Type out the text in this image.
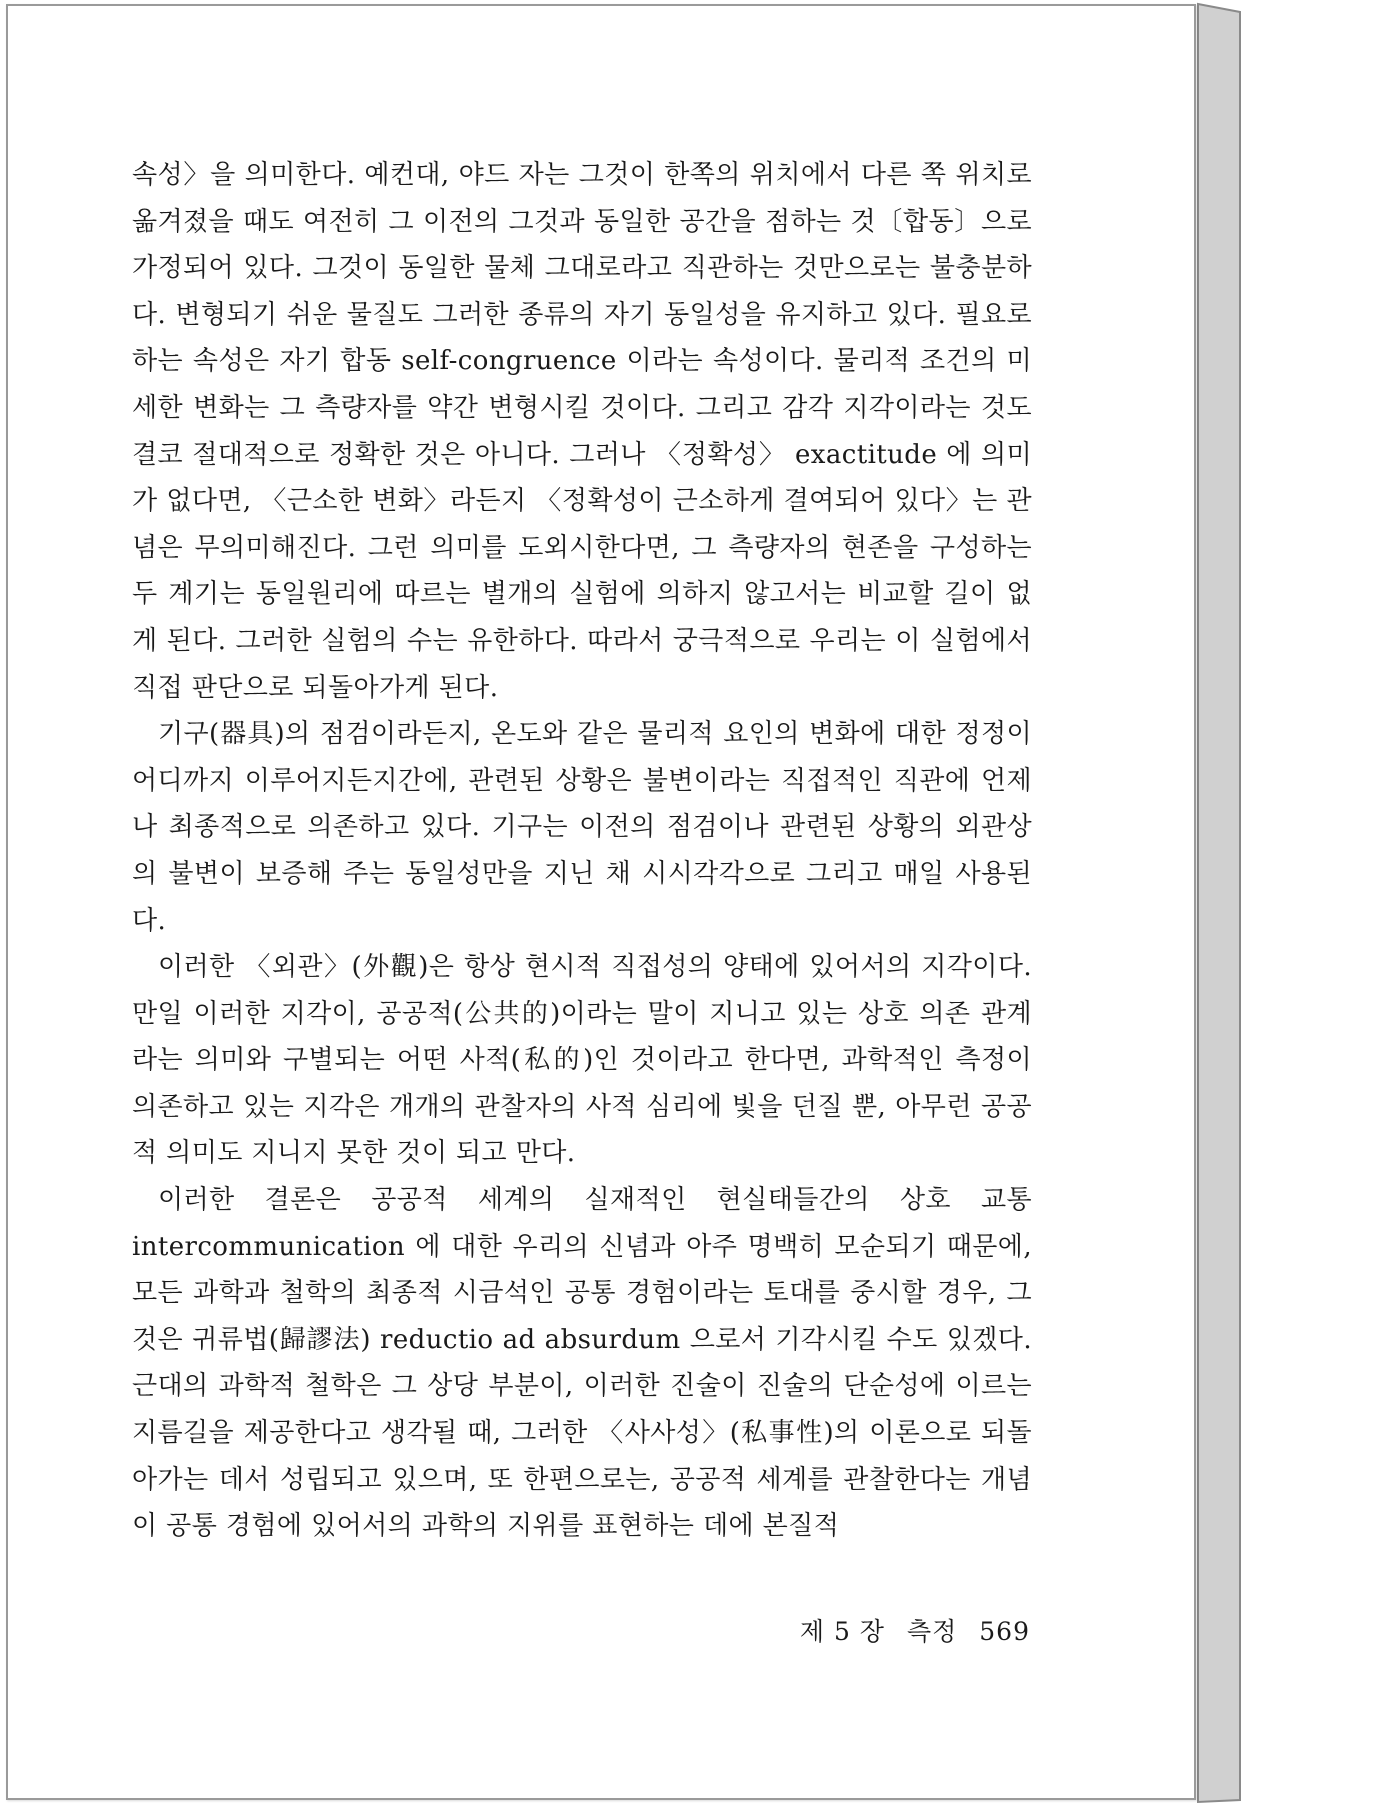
속성〉을 의미한다. 예컨대, 야드 자는 그것이 한쪽의 위치에서 다른 쪽 위치로 옮겨졌을 때도 여전히 그 이전의 그것과 동일한 공간을 점하는 것〔합동〕으로 가정되어 있다. 그것이 동일한 물체 그대로라고 직관하는 것만으로는 불충분하다. 변형되기 쉬운 물질도 그러한 종류의 자기 동일성을 유지하고 있다. 필요로 하는 속성은 자기 합동 self-congruence 이라는 속성이다. 물리적 조건의 미세한 변화는 그 측량자를 약간 변형시킬 것이다. 그리고 감각 지각이라는 것도 결코 절대적으로 정확한 것은 아니다. 그러나 〈정확성〉 exactitude 에 의미가 없다면, 〈근소한 변화〉라든지 〈정확성이 근소하게 결여되어 있다〉는 관념은 무의미해진다. 그런 의미를 도외시한다면, 그 측량자의 현존을 구성하는 두 계기는 동일원리에 따르는 별개의 실험에 의하지 않고서는 비교할 길이 없게 된다. 그러한 실험의 수는 유한하다. 따라서 궁극적으로 우리는 이 실험에서 직접 판단으로 되돌아가게 된다.

기구(器具)의 점검이라든지, 온도와 같은 물리적 요인의 변화에 대한 정정이 어디까지 이루어지든지간에, 관련된 상황은 불변이라는 직접적인 직관에 언제나 최종적으로 의존하고 있다. 기구는 이전의 점검이나 관련된 상황의 외관상의 불변이 보증해 주는 동일성만을 지닌 채 시시각각으로 그리고 매일 사용된다.

이러한 〈외관〉(外觀)은 항상 현시적 직접성의 양태에 있어서의 지각이다. 만일 이러한 지각이, 공공적(公共的)이라는 말이 지니고 있는 상호 의존 관계라는 의미와 구별되는 어떤 사적(私的)인 것이라고 한다면, 과학적인 측정이 의존하고 있는 지각은 개개의 관찰자의 사적 심리에 빛을 던질 뿐, 아무런 공공적 의미도 지니지 못한 것이 되고 만다.

이러한 결론은 공공적 세계의 실재적인 현실태들간의 상호 교통 intercommunication 에 대한 우리의 신념과 아주 명백히 모순되기 때문에, 모든 과학과 철학의 최종적 시금석인 공통 경험이라는 토대를 중시할 경우, 그것은 귀류법(歸謬法) reductio ad absurdum 으로서 기각시킬 수도 있겠다. 근대의 과학적 철학은 그 상당 부분이, 이러한 진술이 진술의 단순성에 이르는 지름길을 제공한다고 생각될 때, 그러한 〈사사성〉(私事性)의 이론으로 되돌아가는 데서 성립되고 있으며, 또 한편으로는, 공공적 세계를 관찰한다는 개념이 공통 경험에 있어서의 과학의 지위를 표현하는 데에 본질적

제 5 장 측정 569
